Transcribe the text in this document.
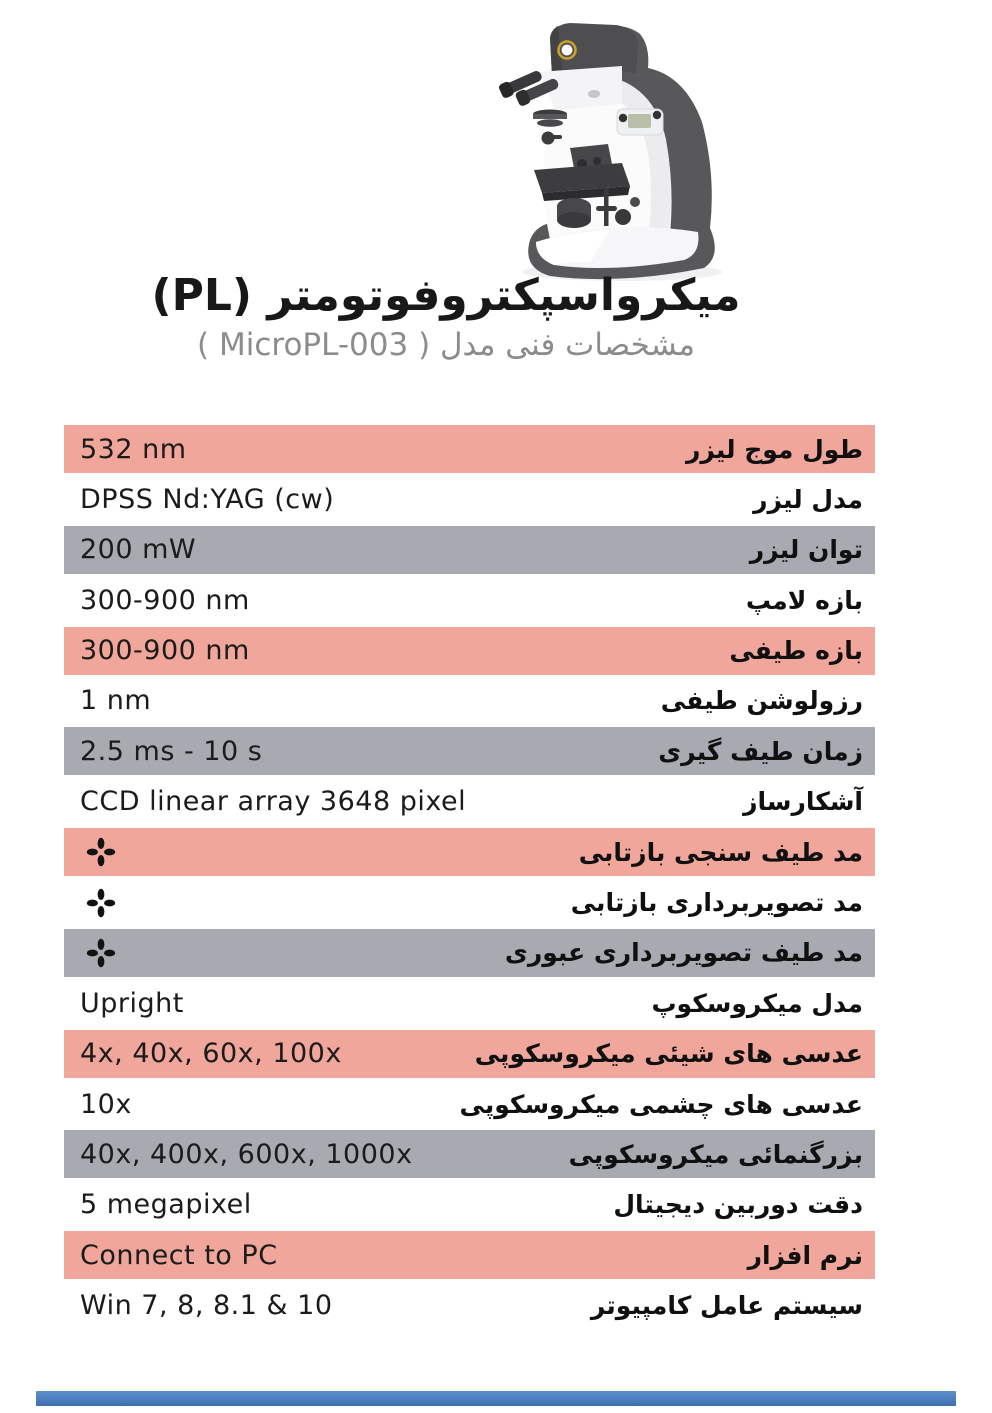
میکرواسپکتروفوتومتر (PL)
مشخصات فنی مدل ( MicroPL-003 )
532 nm	طول موج لیزر
DPSS Nd:YAG (cw)	مدل لیزر
200 mW	توان لیزر
300-900 nm	بازه لامپ
300-900 nm	بازه طیفی
1 nm	رزولوشن طیفی
2.5 ms - 10 s	زمان طیف گیری
CCD linear array 3648 pixel	آشکارساز
مد طیف سنجی بازتابی
مد تصویربرداری بازتابی
مد طیف تصویربرداری عبوری
Upright	مدل میکروسکوپ
4x, 40x, 60x, 100x	عدسی های شیئی میکروسکوپی
10x	عدسی های چشمی میکروسکوپی
40x, 400x, 600x, 1000x	بزرگنمائی میکروسکوپی
5 megapixel	دقت دوربین دیجیتال
Connect to PC	نرم افزار
Win 7, 8, 8.1 & 10	سیستم عامل کامپیوتر
